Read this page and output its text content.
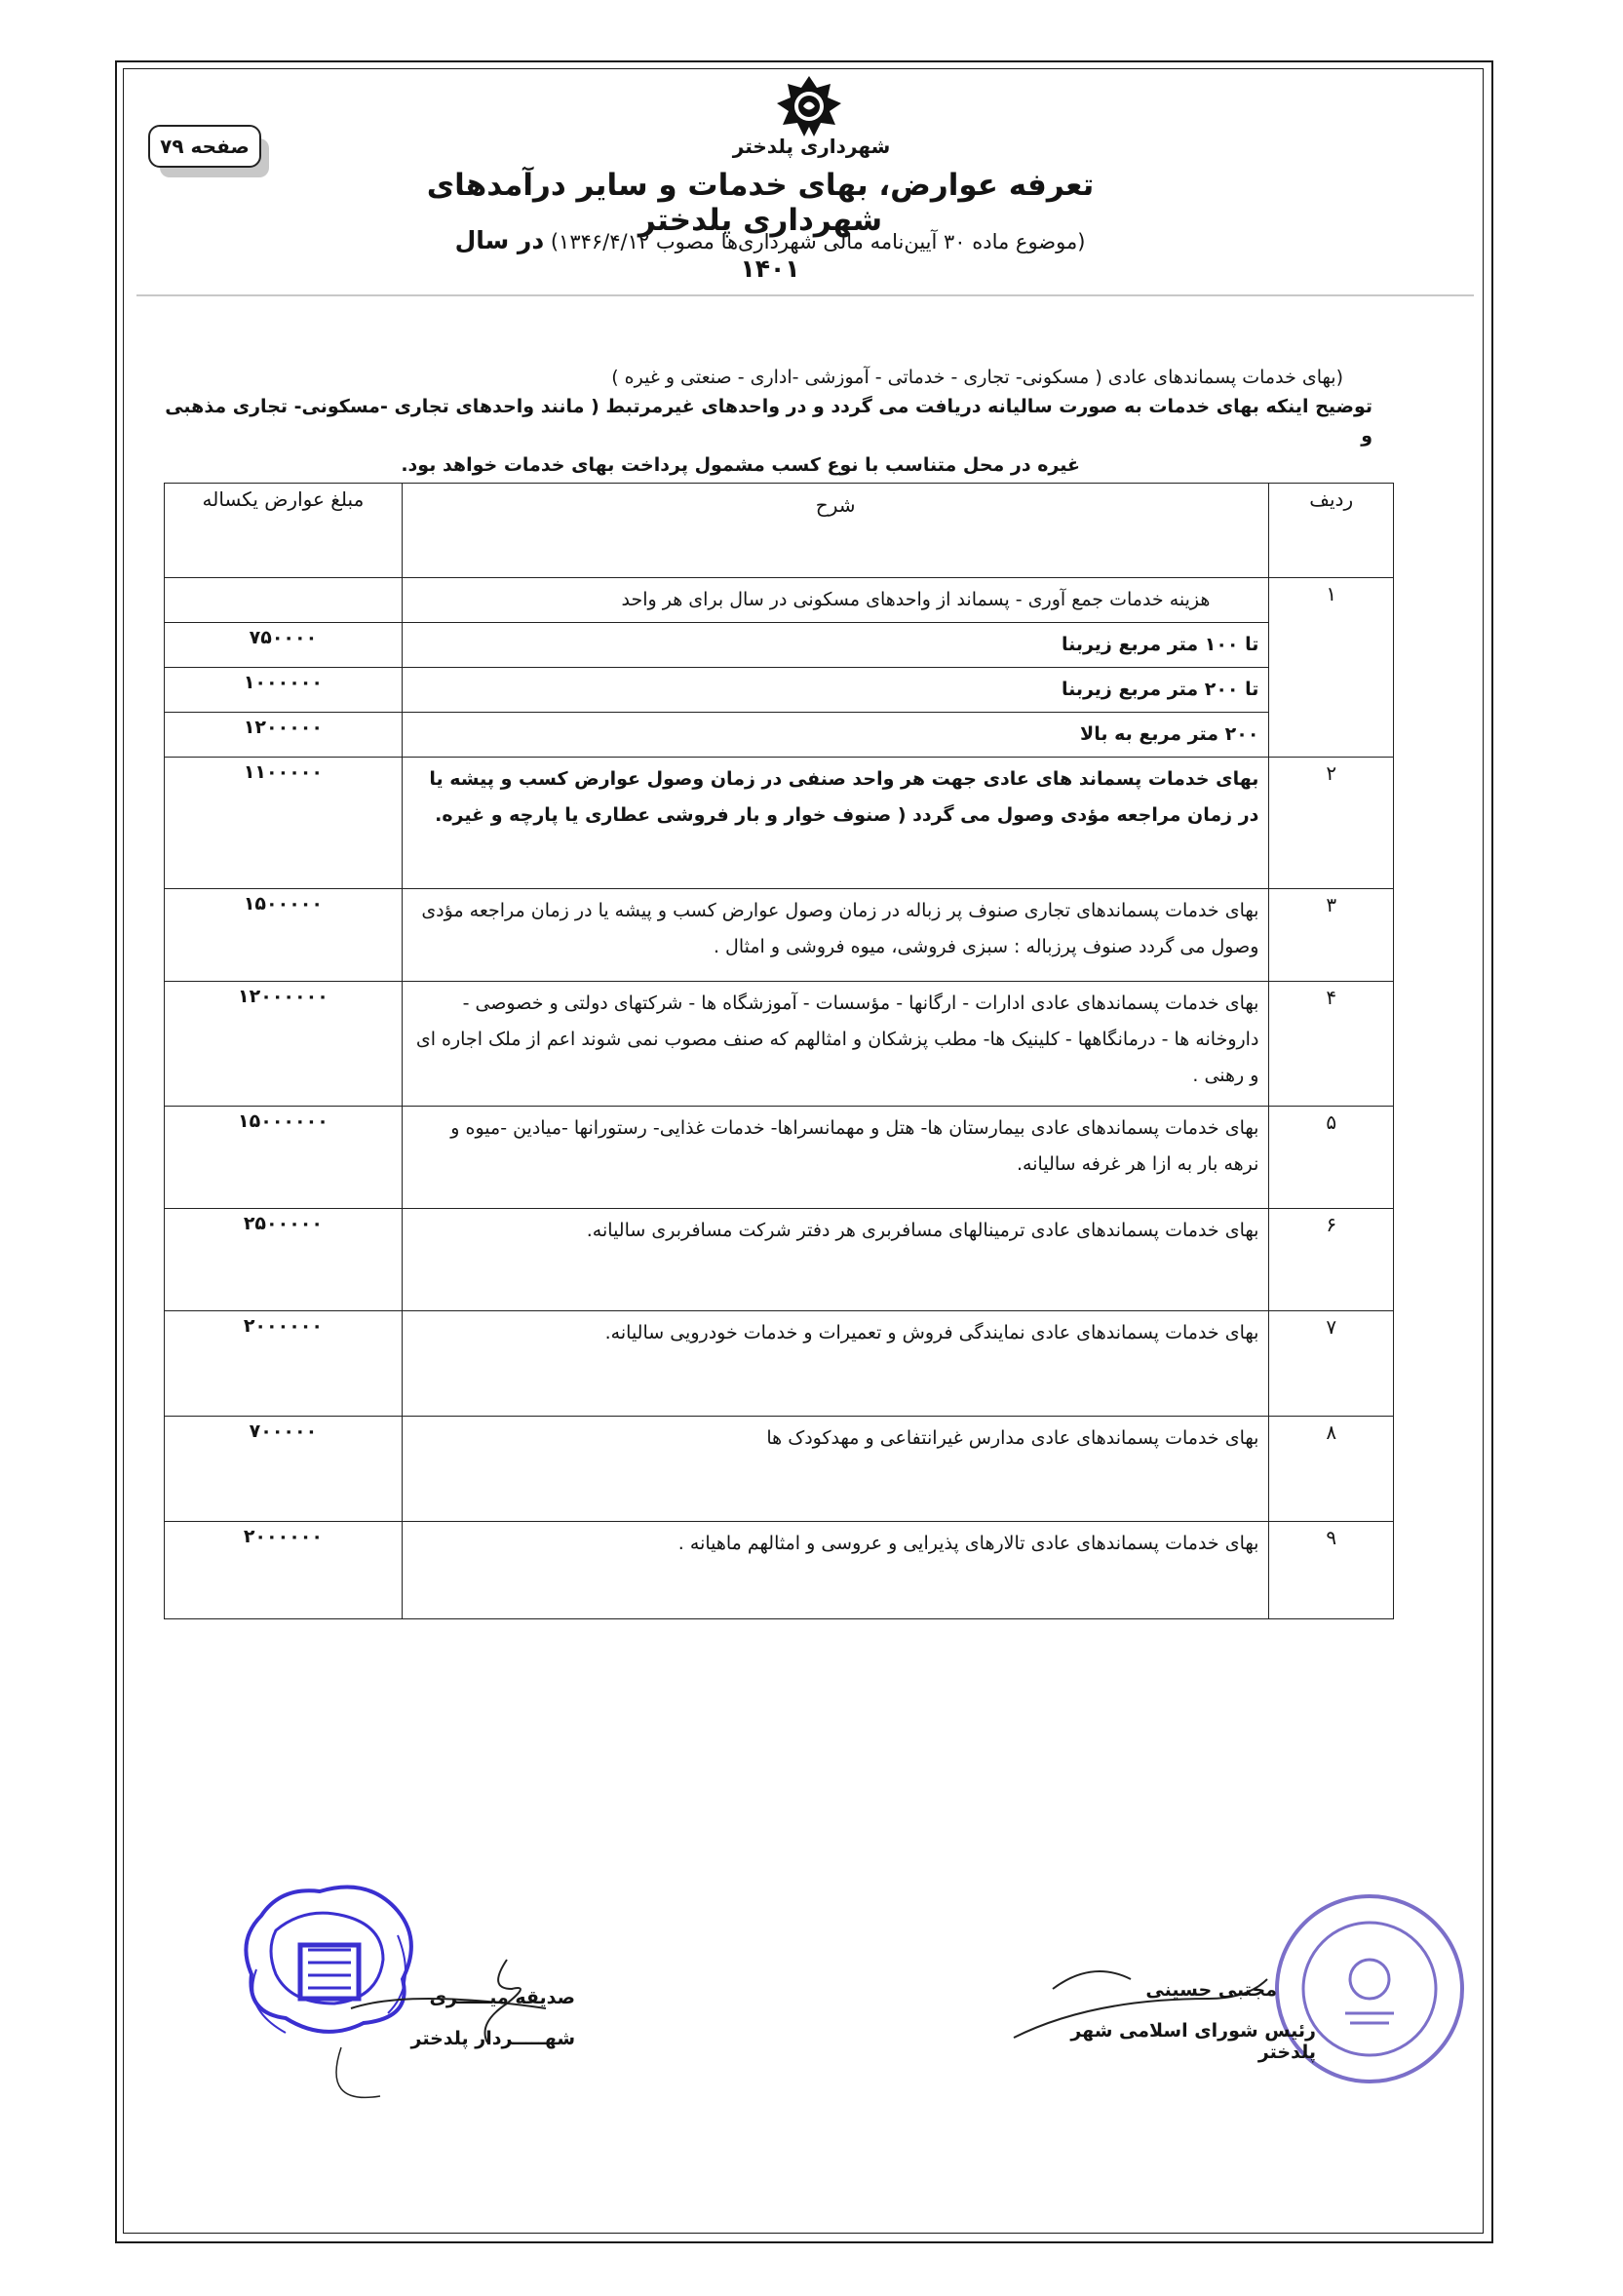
صفحه ۷۹	شهرداری پلدختر
تعرفه عوارض، بهای خدمات و سایر درآمدهای شهرداری پلدختر
(موضوع ماده ۳۰ آیین‌نامه مالی شهرداری‌ها مصوب ۱۳۴۶/۴/۱۲) در سال ۱۴۰۱
(بهای خدمات پسماندهای عادی ( مسکونی- تجاری - خدماتی - آموزشی -اداری - صنعتی و غیره )
توضیح اینکه بهای خدمات به صورت سالیانه دریافت می گردد و در واحدهای غیرمرتبط ( مانند واحدهای تجاری -مسکونی- تجاری مذهبی و
غیره در محل متناسب با نوع کسب مشمول پرداخت بهای خدمات خواهد بود.
ردیف	شرح	مبلغ عوارض یکساله
۱	هزینه خدمات جمع آوری - پسماند از واحدهای مسکونی در سال برای هر واحد	
	تا ۱۰۰ متر مربع زیربنا	۷۵۰۰۰۰
	تا ۲۰۰ متر مربع زیربنا	۱۰۰۰۰۰۰
	۲۰۰ متر مربع به بالا	۱۲۰۰۰۰۰
۲	بهای خدمات پسماند های عادی جهت هر واحد صنفی در زمان وصول عوارض کسب و پیشه یا در زمان مراجعه مؤدی وصول می گردد ( صنوف خوار و بار فروشی عطاری یا پارچه و غیره.	۱۱۰۰۰۰۰
۳	بهای خدمات پسماندهای تجاری صنوف پر زباله در زمان وصول عوارض کسب و پیشه یا در زمان مراجعه مؤدی وصول می گردد صنوف پرزباله : سبزی فروشی، میوه فروشی و امثال .	۱۵۰۰۰۰۰
۴	بهای خدمات پسماندهای عادی ادارات - ارگانها - مؤسسات - آموزشگاه ها - شرکتهای دولتی و خصوصی - داروخانه ها - درمانگاهها - کلینیک ها- مطب پزشکان و امثالهم که صنف مصوب نمی شوند اعم از ملک اجاره ای و رهنی .	۱۲۰۰۰۰۰۰
۵	بهای خدمات پسماندهای عادی بیمارستان ها- هتل و مهمانسراها- خدمات غذایی- رستورانها -میادین -میوه و نرهه بار به ازا هر غرفه سالیانه.	۱۵۰۰۰۰۰۰
۶	بهای خدمات پسماندهای عادی ترمینالهای مسافربری هر دفتر شرکت مسافربری سالیانه.	۲۵۰۰۰۰۰
۷	بهای خدمات پسماندهای عادی نمایندگی فروش و تعمیرات و خدمات خودرویی سالیانه.	۲۰۰۰۰۰۰
۸	بهای خدمات پسماندهای عادی مدارس غیرانتفاعی و مهدکودک ها	۷۰۰۰۰۰
۹	بهای خدمات پسماندهای عادی تالارهای پذیرایی و عروسی و امثالهم ماهیانه .	۲۰۰۰۰۰۰
صدیقه میـــــری
شهـــــردار پلدختر
مجتبی حسینی
رئیس شورای اسلامی شهر پلدختر
